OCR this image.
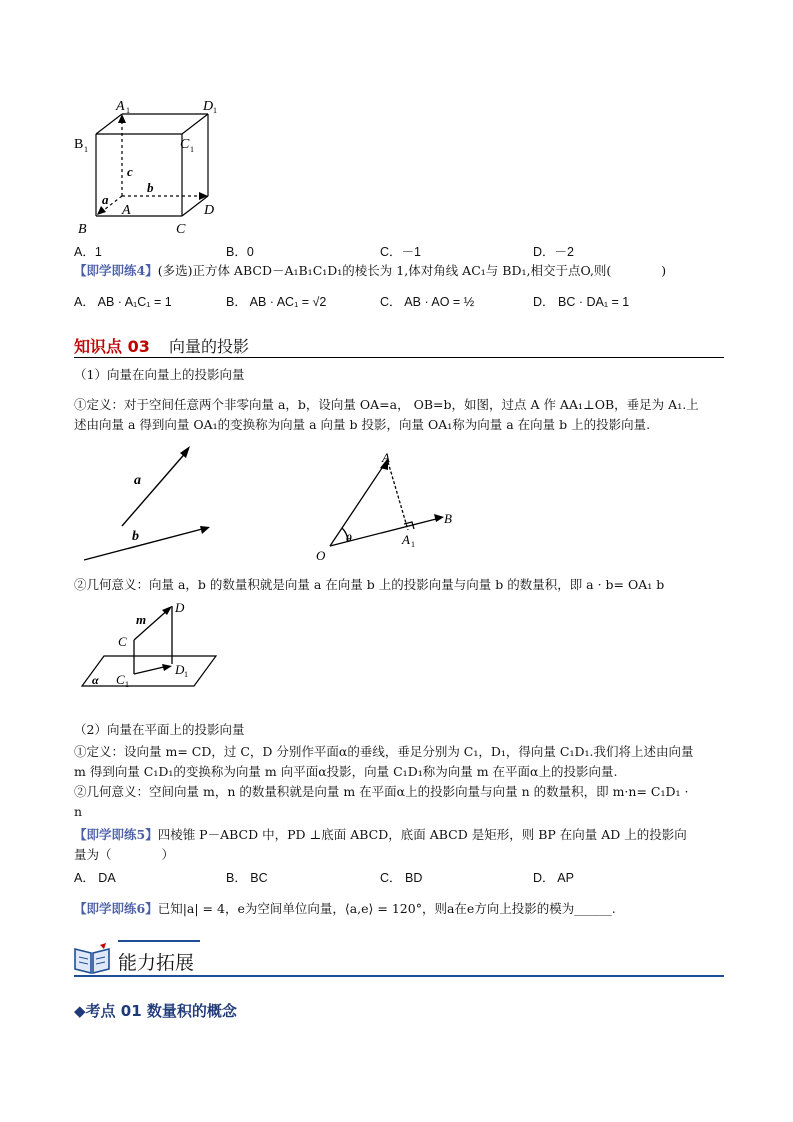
A 1	D 1
B 1	C 1
c
b
a
A
B	C
D
A．1	B．0	C．－1	D．－2
【即学即练4】(多选)正方体 ABCD－A₁B₁C₁D₁的棱长为 1,体对角线 AC₁与 BD₁,相交于点O,则(　　　　)
A． AB · A₁C₁ = 1	B． AB · AC₁ = √2	C． AB · AO = ½	D． BC · DA₁ = 1
知识点 03 向量的投影
（1）向量在向量上的投影向量
①定义：对于空间任意两个非零向量 a，b，设向量 OA=a， OB=b，如图，过点 A 作 AA₁⊥OB，垂足为 A₁.上
述由向量 a 得到向量 OA₁的变换称为向量 a 向量 b 投影，向量 OA₁称为向量 a 在向量 b 上的投影向量.
a
b
A
B
O
A 1
θ
②几何意义：向量 a，b 的数量积就是向量 a 在向量 b 上的投影向量与向量 b 的数量积，即 a · b= OA₁ b
m
D
C
D 1
C 1
α
（2）向量在平面上的投影向量
①定义：设向量 m= CD，过 C，D 分别作平面α的垂线，垂足分别为 C₁，D₁，得向量 C₁D₁.我们将上述由向量
m 得到向量 C₁D₁的变换称为向量 m 向平面α投影，向量 C₁D₁称为向量 m 在平面α上的投影向量.
②几何意义：空间向量 m，n 的数量积就是向量 m 在平面α上的投影向量与向量 n 的数量积，即 m·n= C₁D₁ ·
n
【即学即练5】四棱锥 P－ABCD 中，PD ⊥底面 ABCD，底面 ABCD 是矩形，则 BP 在向量 AD 上的投影向
量为（　　　　）
A． DA	B． BC	C． BD	D． AP
【即学即练6】已知|a| = 4，e为空间单位向量，⟨a,e⟩ = 120°，则a在e方向上投影的模为______.
能力拓展
◆考点 01 数量积的概念
